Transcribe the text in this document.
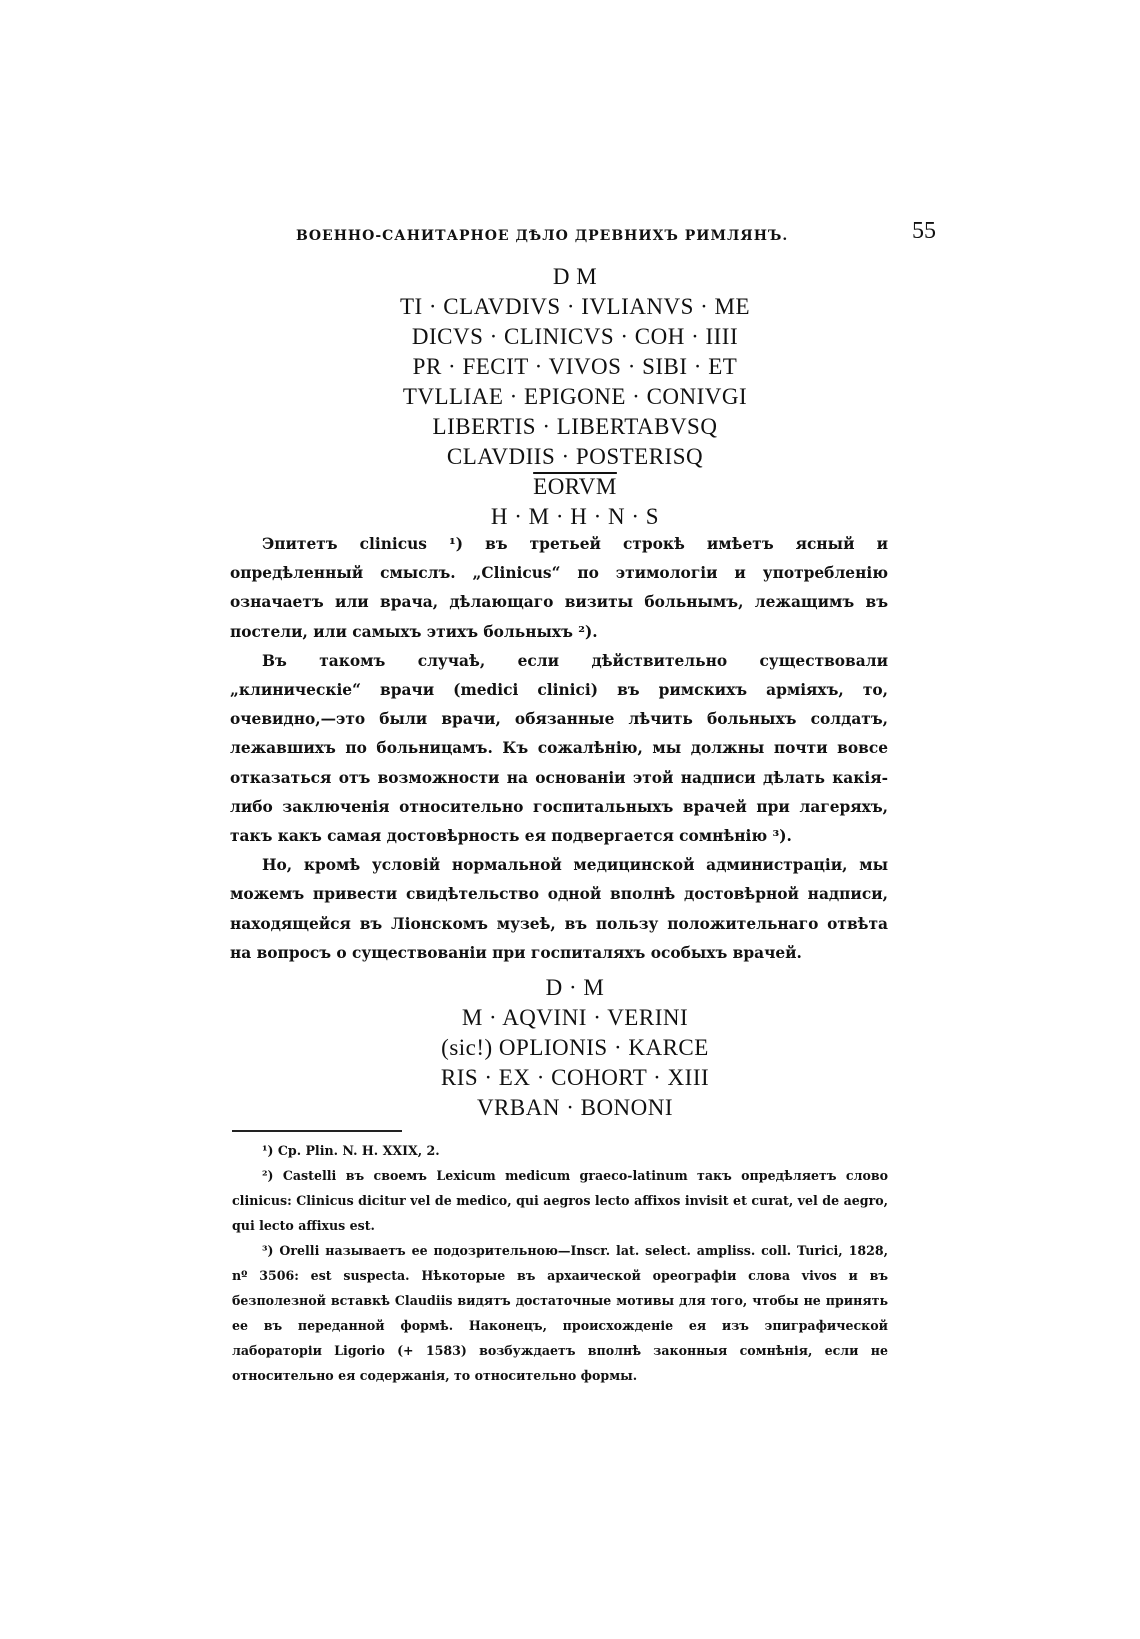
ВОЕННО-САНИТАРНОЕ ДѢЛО ДРЕВНИХЪ РИМЛЯНЪ.	55
D M
TI · CLAVDIVS · IVLIANVS · ME
DICVS · CLINICVS · COH · IIII
PR · FECIT · VIVOS · SIBI · ET
TVLLIAE · EPIGONE · CONIVGI
LIBERTIS · LIBERTABVSQ
CLAVDIIS · POSTERISQ
EORVM
H · M · H · N · S

Эпитетъ clinicus ¹) въ третьей строкѣ имѣетъ ясный и опредѣленный смыслъ. „Clinicus“ по этимологіи и употребленію означаетъ или врача, дѣлающаго визиты больнымъ, лежащимъ въ постели, или самыхъ этихъ больныхъ ²).

Въ такомъ случаѣ, если дѣйствительно существовали „клиническіе“ врачи (medici clinici) въ римскихъ арміяхъ, то, очевидно,—это были врачи, обязанные лѣчить больныхъ солдатъ, лежавшихъ по больницамъ. Къ сожалѣнію, мы должны почти вовсе отказаться отъ возможности на основаніи этой надписи дѣлать какія-либо заключенія относительно госпитальныхъ врачей при лагеряхъ, такъ какъ самая достовѣрность ея подвергается сомнѣнію ³).

Но, кромѣ условій нормальной медицинской администраціи, мы можемъ привести свидѣтельство одной вполнѣ достовѣрной надписи, находящейся въ Ліонскомъ музеѣ, въ пользу положительнаго отвѣта на вопросъ о существованіи при госпиталяхъ особыхъ врачей.

D · M
M · AQVINI · VERINI
(sic!) OPLIONIS · KARCE
RIS · EX · COHORT · XIII
VRBAN · BONONI

¹) Cp. Plin. N. H. XXIX, 2.

²) Castelli въ своемъ Lexicum medicum graeco-latinum такъ опредѣляетъ слово clinicus: Clinicus dicitur vel de medico, qui aegros lecto affixos invisit et curat, vel de aegro, qui lecto affixus est.

³) Orelli называетъ ее подозрительною—Inscr. lat. select. ampliss. coll. Turici, 1828, nº 3506: est suspecta. Нѣкоторые въ архаической ореографіи слова vivos и въ безполезной вставкѣ Claudiis видятъ достаточные мотивы для того, чтобы не принять ее въ переданной формѣ. Наконецъ, происхожденіе ея изъ эпиграфической лабораторіи Ligorio (+ 1583) возбуждаетъ вполнѣ законныя сомнѣнія, если не относительно ея содержанія, то относительно формы.
